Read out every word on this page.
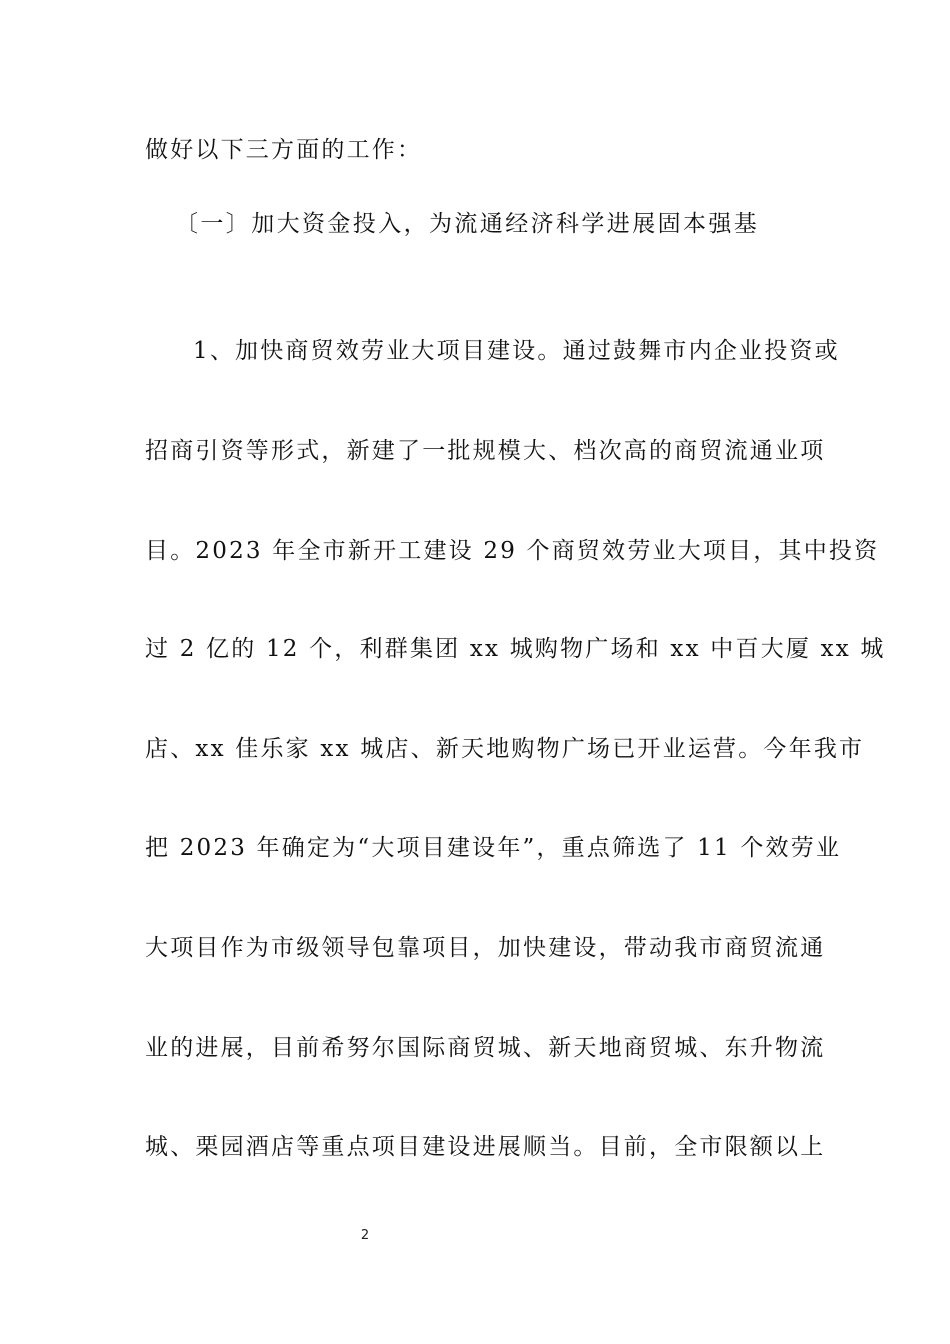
做好以下三方面的工作：
〔一〕加大资金投入，为流通经济科学进展固本强基
1、加快商贸效劳业大项目建设。通过鼓舞市内企业投资或
招商引资等形式，新建了一批规模大、档次高的商贸流通业项
目。2023 年全市新开工建设 29 个商贸效劳业大项目，其中投资
过 2 亿的 12 个，利群集团 xx 城购物广场和 xx 中百大厦 xx 城
店、xx 佳乐家 xx 城店、新天地购物广场已开业运营。今年我市
把 2023 年确定为“大项目建设年”，重点筛选了 11 个效劳业
大项目作为市级领导包靠项目，加快建设，带动我市商贸流通
业的进展，目前希努尔国际商贸城、新天地商贸城、东升物流
城、栗园酒店等重点项目建设进展顺当。目前，全市限额以上
2
